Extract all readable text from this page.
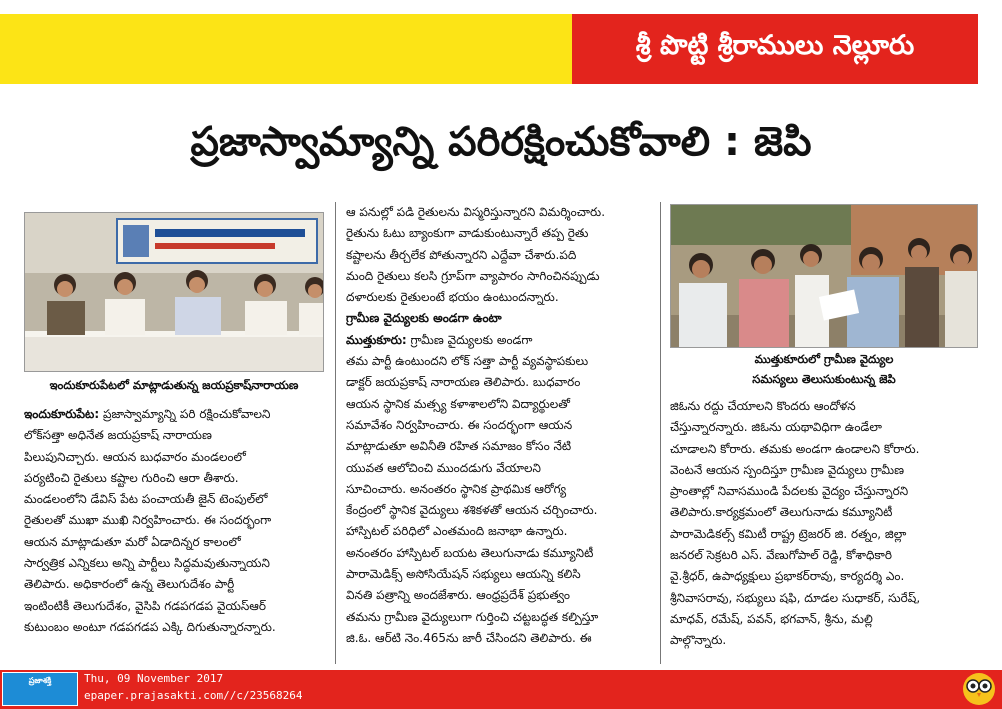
శ్రీ పొట్టి శ్రీరాములు నెల్లూరు
ప్రజాస్వామ్యాన్ని పరిరక్షించుకోవాలి : జెపి
ఇందుకూరుపేటలో మాట్లాడుతున్న జయప్రకాష్‌నారాయణ
ముత్తుకూరులో గ్రామీణ వైద్యుల
సమస్యలు తెలుసుకుంటున్న జెపి

ఇందుకూరుపేట: ప్రజాస్వామ్యాన్ని పరి రక్షించుకోవాలని

లోక్‌సత్తా అధినేత జయప్రకాష్ నారాయణ

పిలుపునిచ్చారు. ఆయన బుధవారం మండలంలో

పర్యటించి రైతులు కష్టాల గురించి ఆరా తీశారు.

మండలంలోని డేవిస్ పేట పంచాయతీ జైన్ టెంపుల్‌లో

రైతులతో ముఖా ముఖి నిర్వహించారు. ఈ సందర్భంగా

ఆయన మాట్లాడుతూ మరో ఏడాదిన్నర కాలంలో

సార్వత్రిక ఎన్నికలు అన్ని పార్టీలు సిద్ధమవుతున్నాయని

తెలిపారు. అధికారంలో ఉన్న తెలుగుదేశం పార్టీ

ఇంటింటికీ తెలుగుదేశం, వైసిపి గడపగడప వైయస్‌ఆర్

కుటుంబం అంటూ గడపగడప ఎక్కి దిగుతున్నారన్నారు.

ఆ పనుల్లో పడి రైతులను విస్మరిస్తున్నారని విమర్శించారు.

రైతును ఓటు బ్యాంకుగా వాడుకుంటున్నారే తప్ప రైతు

కష్టాలను తీర్చలేక పోతున్నారని ఎద్దేవా చేశారు.పది

మంది రైతులు కలసి గ్రూప్‌గా వ్యాపారం సాగించినప్పుడు

దళారులకు రైతులంటే భయం ఉంటుందన్నారు.

గ్రామీణ వైద్యులకు అండగా ఉంటా

ముత్తుకూరు: గ్రామీణ వైద్యులకు అండగా

తమ పార్టీ ఉంటుందని లోక్ సత్తా పార్టీ వ్యవస్థాపకులు

డాక్టర్ జయప్రకాష్ నారాయణ తెలిపారు. బుధవారం

ఆయన స్థానిక మత్స్య కళాశాలలోని విద్యార్థులతో

సమావేశం నిర్వహించారు. ఈ సందర్భంగా ఆయన

మాట్లాడుతూ అవినీతి రహిత సమాజం కోసం నేటి

యువత ఆలోచించి ముందడుగు వేయాలని

సూచించారు. అనంతరం స్థానిక ప్రాథమిక ఆరోగ్య

కేంద్రంలో స్థానిక వైద్యులు శశికళతో ఆయన చర్చించారు.

హాస్పిటల్ పరిధిలో ఎంతమంది జనాభా ఉన్నారు.

అనంతరం హాస్పిటల్ బయట తెలుగునాడు కమ్యూనిటీ

పారామెడిక్స్ అసోసియేషన్ సభ్యులు ఆయన్ని కలిసి

వినతి పత్రాన్ని అందజేశారు. ఆంధ్రప్రదేశ్ ప్రభుత్వం

తమను గ్రామీణ వైద్యులుగా గుర్తించి చట్టబద్ధత కల్పిస్తూ

జి.ఓ. ఆర్‌టి నెం.465ను జారీ చేసిందని తెలిపారు. ఈ

జిఓను రద్దు చేయాలని కొందరు ఆందోళన

చేస్తున్నారన్నారు. జిఓను యథావిధిగా ఉండేలా

చూడాలని కోరారు. తమకు అండగా ఉండాలని కోరారు.

వెంటనే ఆయన స్పందిస్తూ గ్రామీణ వైద్యులు గ్రామీణ

ప్రాంతాల్లో నివాసముండి పేదలకు వైద్యం చేస్తున్నారని

తెలిపారు.కార్యక్రమంలో తెలుగునాడు కమ్యూనిటీ

పారామెడికల్స్ కమిటీ రాష్ట్ర ట్రెజరర్ జి. రత్నం, జిల్లా

జనరల్ సెక్రటరి ఎస్. వేణుగోపాల్ రెడ్డి, కోశాధికారి

వై.శ్రీధర్, ఉపాధ్యక్షులు ప్రభాకర్‌రావు, కార్యదర్శి ఎం.

శ్రీనివాసరావు, సభ్యులు షఫి, దూడల సుధాకర్, సురేష్,

మాధవ్, రమేష్, పవన్, భగవాన్, శ్రీను, మల్లి

పాల్గొన్నారు.

ప్రజాశక్తి	Thu, 09 November 2017
epaper.prajasakti.com//c/23568264
